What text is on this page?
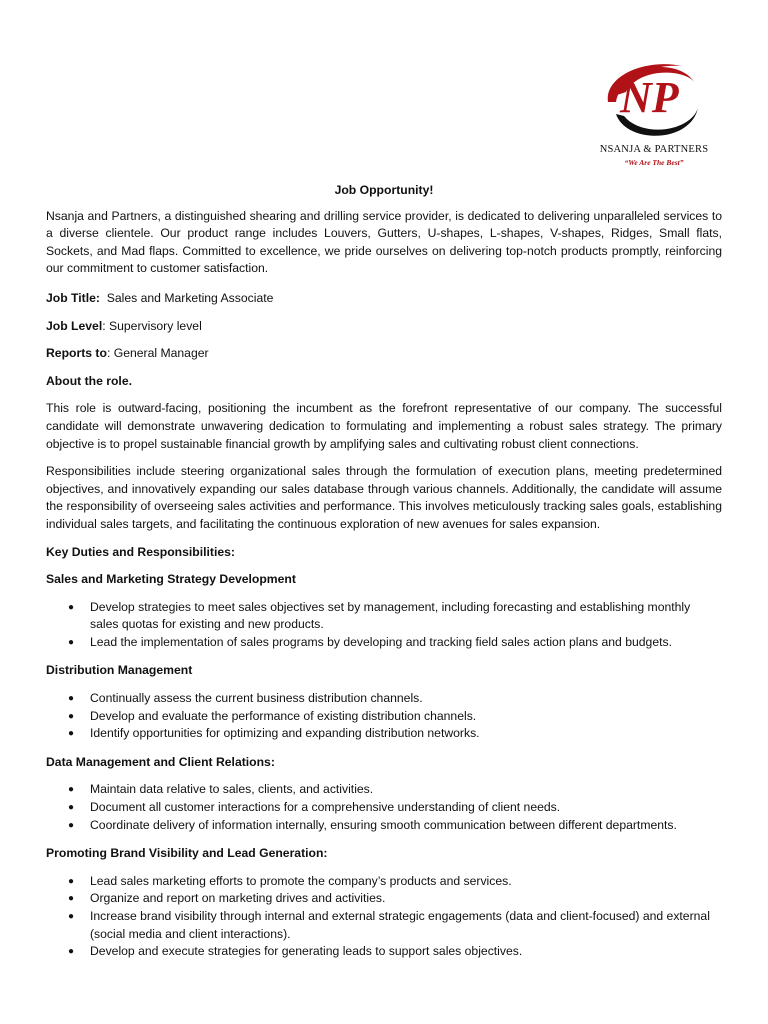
NP
NSANJA & PARTNERS
“We Are The Best”

Job Opportunity!

Nsanja and Partners, a distinguished shearing and drilling service provider, is dedicated to delivering unparalleled services to a diverse clientele. Our product range includes Louvers, Gutters, U-shapes, L-shapes, V-shapes, Ridges, Small flats, Sockets, and Mad flaps. Committed to excellence, we pride ourselves on delivering top-notch products promptly, reinforcing our commitment to customer satisfaction.

Job Title: Sales and Marketing Associate

Job Level: Supervisory level

Reports to: General Manager

About the role.

This role is outward-facing, positioning the incumbent as the forefront representative of our company. The successful candidate will demonstrate unwavering dedication to formulating and implementing a robust sales strategy. The primary objective is to propel sustainable financial growth by amplifying sales and cultivating robust client connections.

Responsibilities include steering organizational sales through the formulation of execution plans, meeting predetermined objectives, and innovatively expanding our sales database through various channels. Additionally, the candidate will assume the responsibility of overseeing sales activities and performance. This involves meticulously tracking sales goals, establishing individual sales targets, and facilitating the continuous exploration of new avenues for sales expansion.

Key Duties and Responsibilities:

Sales and Marketing Strategy Development

● Develop strategies to meet sales objectives set by management, including forecasting and establishing monthly sales quotas for existing and new products.
● Lead the implementation of sales programs by developing and tracking field sales action plans and budgets.

Distribution Management

● Continually assess the current business distribution channels.
● Develop and evaluate the performance of existing distribution channels.
● Identify opportunities for optimizing and expanding distribution networks.

Data Management and Client Relations:

● Maintain data relative to sales, clients, and activities.
● Document all customer interactions for a comprehensive understanding of client needs.
● Coordinate delivery of information internally, ensuring smooth communication between different departments.

Promoting Brand Visibility and Lead Generation:

● Lead sales marketing efforts to promote the company’s products and services.
● Organize and report on marketing drives and activities.
● Increase brand visibility through internal and external strategic engagements (data and client-focused) and external (social media and client interactions).
● Develop and execute strategies for generating leads to support sales objectives.
